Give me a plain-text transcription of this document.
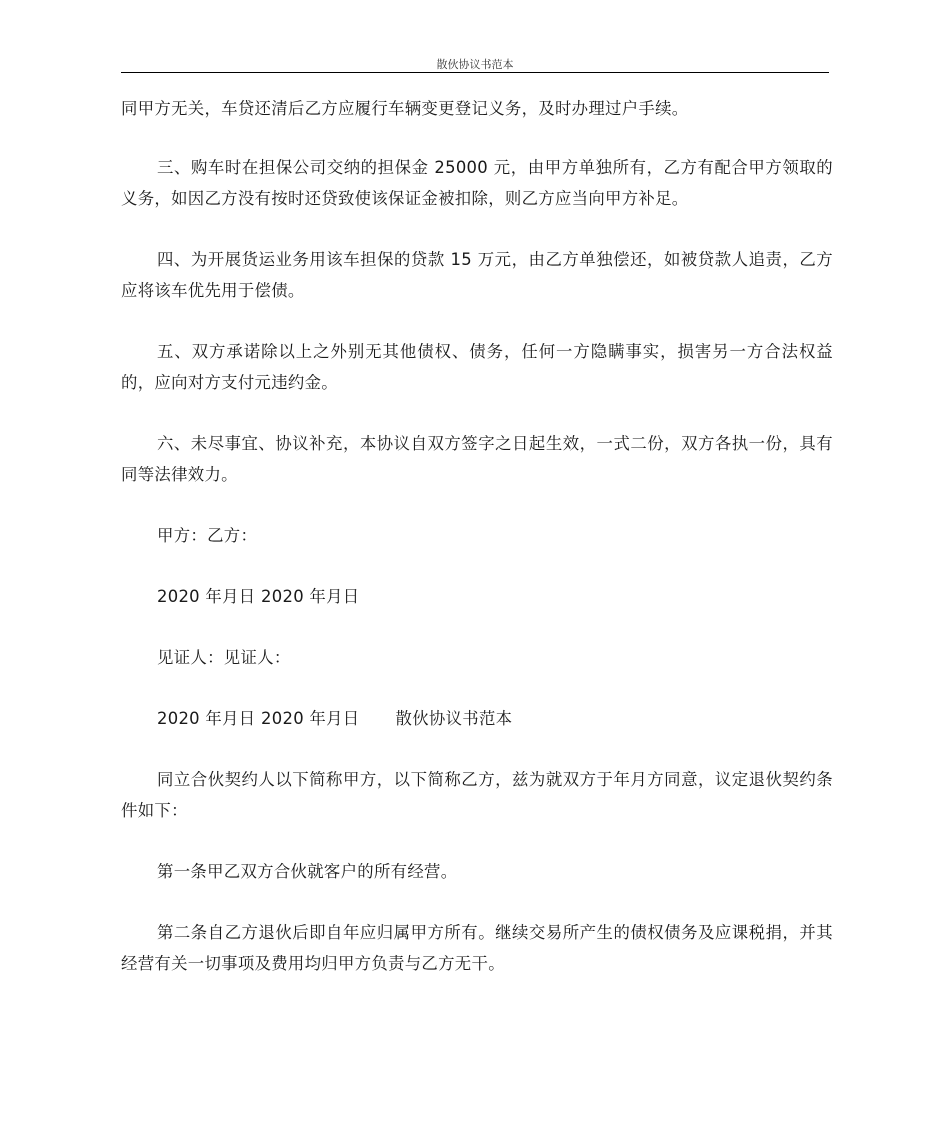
散伙协议书范本

同甲方无关，车贷还清后乙方应履行车辆变更登记义务，及时办理过户手续。

三、购车时在担保公司交纳的担保金 25000 元，由甲方单独所有，乙方有配合甲方领取的义务，如因乙方没有按时还贷致使该保证金被扣除，则乙方应当向甲方补足。

四、为开展货运业务用该车担保的贷款 15 万元，由乙方单独偿还，如被贷款人追责，乙方应将该车优先用于偿债。

五、双方承诺除以上之外别无其他债权、债务，任何一方隐瞒事实，损害另一方合法权益的，应向对方支付元违约金。

六、未尽事宜、协议补充，本协议自双方签字之日起生效，一式二份，双方各执一份，具有同等法律效力。

甲方：乙方：

2020 年月日 2020 年月日

见证人：见证人：

2020 年月日 2020 年月日 散伙协议书范本

同立合伙契约人以下简称甲方，以下简称乙方，兹为就双方于年月方同意，议定退伙契约条件如下：

第一条甲乙双方合伙就客户的所有经营。

第二条自乙方退伙后即自年应归属甲方所有。继续交易所产生的债权债务及应课税捐，并其经营有关一切事项及费用均归甲方负责与乙方无干。
